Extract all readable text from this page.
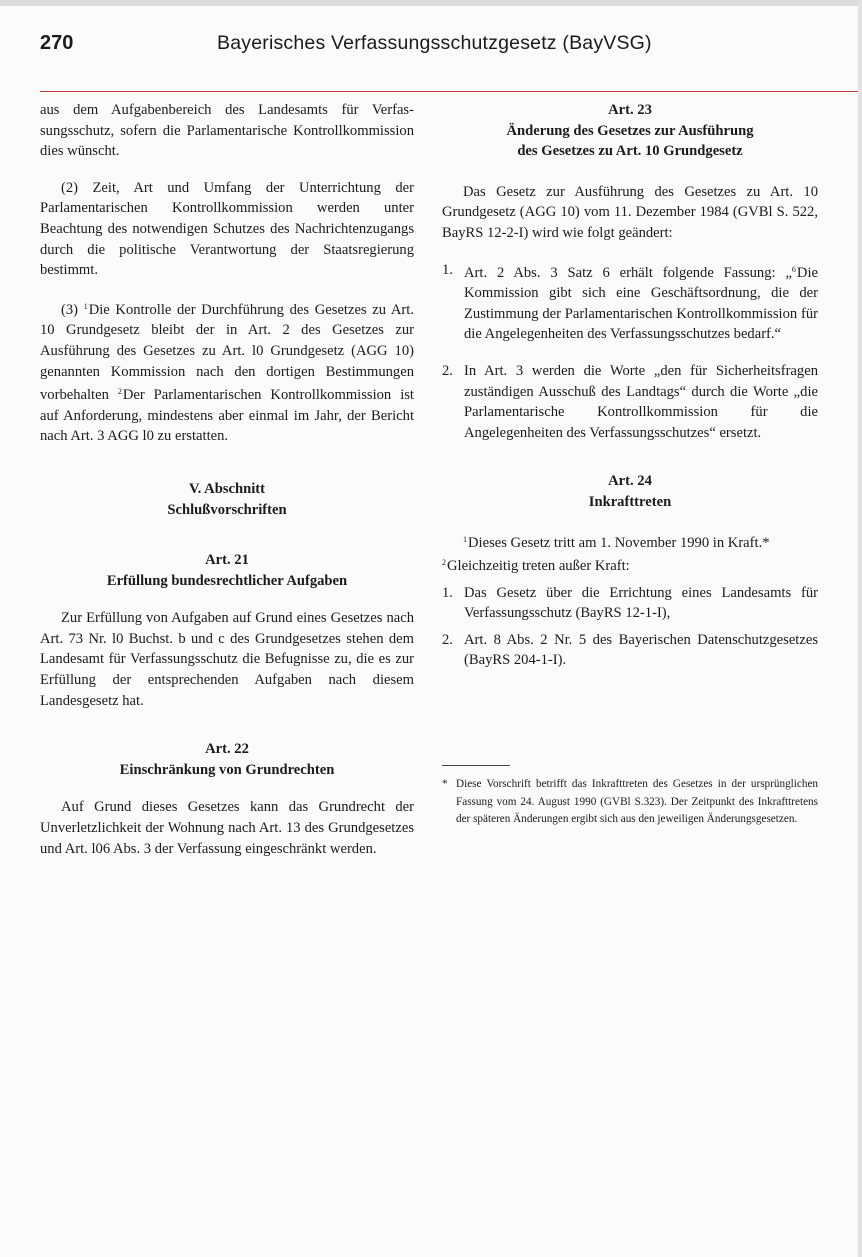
270	Bayerisches Verfassungsschutzgesetz (BayVSG)

aus dem Aufgabenbereich des Landesamts für Verfassungsschutz, sofern die Parlamentarische Kontrollkommission dies wünscht.

(2) Zeit, Art und Umfang der Unterrichtung der Parlamentarischen Kontrollkommission werden unter Beachtung des notwendigen Schutzes des Nachrichtenzugangs durch die politische Verantwortung der Staatsregierung bestimmt.

(3) $^1$Die Kontrolle der Durchführung des Gesetzes zu Art. 10 Grundgesetz bleibt der in Art. 2 des Gesetzes zur Ausführung des Gesetzes zu Art. l0 Grundgesetz (AGG 10) genannten Kommission nach den dortigen Bestimmungen vorbehalten $^2$Der Parlamentarischen Kontrollkommission ist auf Anforderung, mindestens aber einmal im Jahr, der Bericht nach Art. 3 AGG l0 zu erstatten.

V. Abschnitt
Schlußvorschriften
Art. 21
Erfüllung bundesrechtlicher Aufgaben

Zur Erfüllung von Aufgaben auf Grund eines Gesetzes nach Art. 73 Nr. l0 Buchst. b und c des Grundgesetzes stehen dem Landesamt für Verfassungsschutz die Befugnisse zu, die es zur Erfüllung der entsprechenden Aufgaben nach diesem Landesgesetz hat.

Art. 22
Einschränkung von Grundrechten

Auf Grund dieses Gesetzes kann das Grundrecht der Unverletzlichkeit der Wohnung nach Art. 13 des Grundgesetzes und Art. l06 Abs. 3 der Verfassung eingeschränkt werden.

Art. 23
Änderung des Gesetzes zur Ausführung
des Gesetzes zu Art. 10 Grundgesetz

Das Gesetz zur Ausführung des Gesetzes zu Art. 10 Grundgesetz (AGG 10) vom 11. Dezember 1984 (GVBl S. 522, BayRS 12-2-I) wird wie folgt geändert:

1. Art. 2 Abs. 3 Satz 6 erhält folgende Fassung: „$^6$Die Kommission gibt sich eine Geschäftsordnung, die der Zustimmung der Parlamentarischen Kontrollkommission für die Angelegenheiten des Verfassungsschutzes bedarf.“
2. In Art. 3 werden die Worte „den für Sicherheitsfragen zuständigen Ausschuß des Landtags“ durch die Worte „die Parlamentarische Kontrollkommission für die Angelegenheiten des Verfassungsschutzes“ ersetzt.
Art. 24
Inkrafttreten

$^1$Dieses Gesetz tritt am 1. November 1990 in Kraft.*

$^2$Gleichzeitig treten außer Kraft:

1. Das Gesetz über die Errichtung eines Landesamts für Verfassungsschutz (BayRS 12-1-I),
2. Art. 8 Abs. 2 Nr. 5 des Bayerischen Datenschutzgesetzes (BayRS 204-1-I).
* Diese Vorschrift betrifft das Inkrafttreten des Gesetzes in der ursprünglichen Fassung vom 24. August 1990 (GVBl S.323). Der Zeitpunkt des Inkrafttretens der späteren Änderungen ergibt sich aus den jeweiligen Änderungsgesetzen.
